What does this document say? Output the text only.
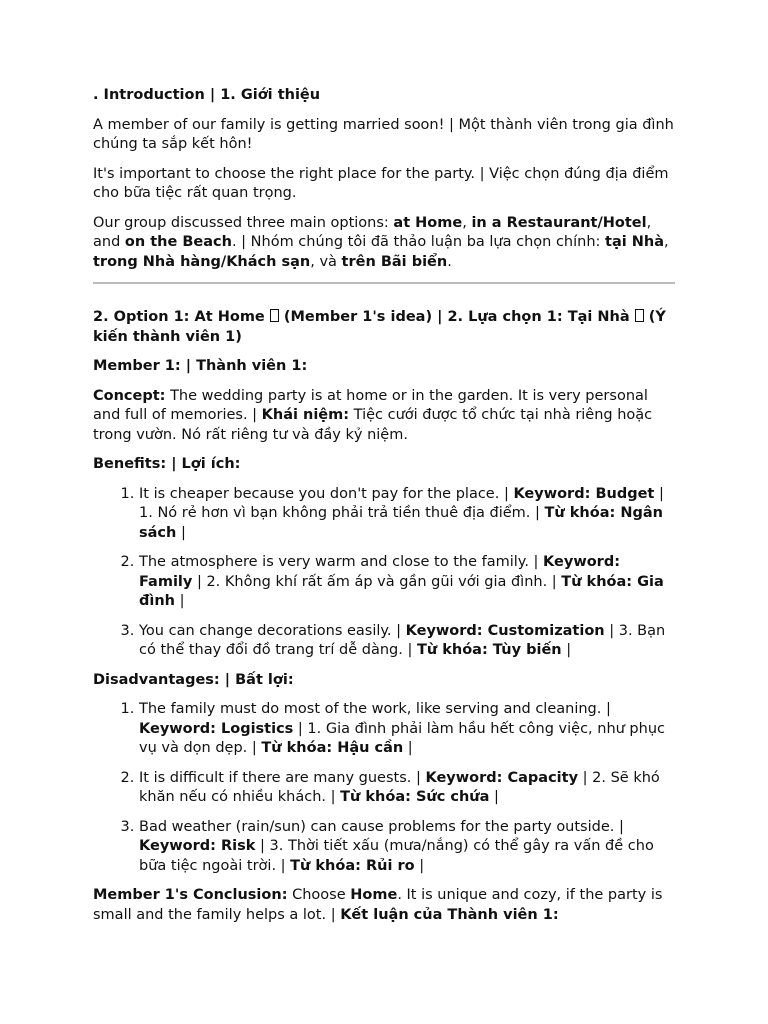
. Introduction | 1. Giới thiệu

A member of our family is getting married soon! | Một thành viên trong gia đình chúng ta sắp kết hôn!

It's important to choose the right place for the party. | Việc chọn đúng địa điểm cho bữa tiệc rất quan trọng.

Our group discussed three main options: at Home, in a Restaurant/Hotel, and on the Beach. | Nhóm chúng tôi đã thảo luận ba lựa chọn chính: tại Nhà, trong Nhà hàng/Khách sạn, và trên Bãi biển.

2. Option 1: At Home  (Member 1's idea) | 2. Lựa chọn 1: Tại Nhà  (Ý kiến thành viên 1)

Member 1: | Thành viên 1:

Concept: The wedding party is at home or in the garden. It is very personal and full of memories. | Khái niệm: Tiệc cưới được tổ chức tại nhà riêng hoặc trong vườn. Nó rất riêng tư và đầy kỷ niệm.

Benefits: | Lợi ích:

1. It is cheaper because you don't pay for the place. | Keyword: Budget | 1. Nó rẻ hơn vì bạn không phải trả tiền thuê địa điểm. | Từ khóa: Ngân sách |
2. The atmosphere is very warm and close to the family. | Keyword: Family | 2. Không khí rất ấm áp và gần gũi với gia đình. | Từ khóa: Gia đình |
3. You can change decorations easily. | Keyword: Customization | 3. Bạn có thể thay đổi đồ trang trí dễ dàng. | Từ khóa: Tùy biến |

Disadvantages: | Bất lợi:

1. The family must do most of the work, like serving and cleaning. | Keyword: Logistics | 1. Gia đình phải làm hầu hết công việc, như phục vụ và dọn dẹp. | Từ khóa: Hậu cần |
2. It is difficult if there are many guests. | Keyword: Capacity | 2. Sẽ khó khăn nếu có nhiều khách. | Từ khóa: Sức chứa |
3. Bad weather (rain/sun) can cause problems for the party outside. | Keyword: Risk | 3. Thời tiết xấu (mưa/nắng) có thể gây ra vấn đề cho bữa tiệc ngoài trời. | Từ khóa: Rủi ro |

Member 1's Conclusion: Choose Home. It is unique and cozy, if the party is small and the family helps a lot. | Kết luận của Thành viên 1:
